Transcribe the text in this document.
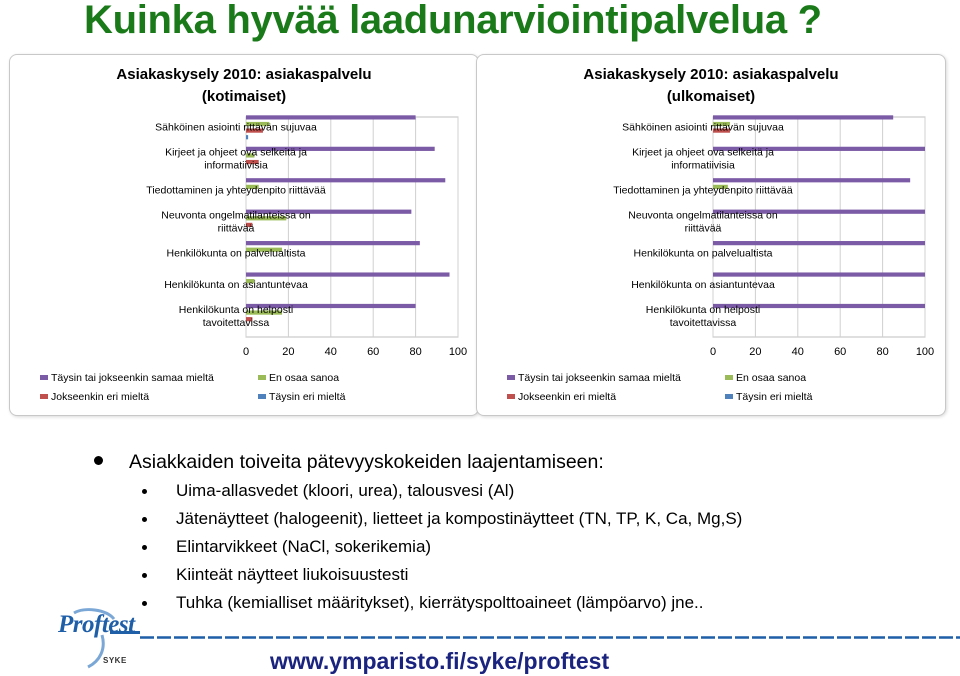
Kuinka hyvää laadunarviointipalvelua ?
Asiakaskysely 2010: asiakaspalvelu
(kotimaiset)
0	20	40	60	80 100
Sähköinen asiointi rittävän sujuvaa
Kirjeet ja ohjeet ova selkeitä ja
informatiivisia
Tiedottaminen ja yhteydenpito riittävää
Neuvonta ongelmatilanteissa on
riittävää
Henkilökunta on palvelualtista
Henkilökunta on asiantuntevaa
Henkilökunta on helposti
tavoitettavissa
Täysin tai jokseenkin samaa mieltä	En osaa sanoa
Jokseenkin eri mieltä	Täysin eri mieltä
Asiakaskysely 2010: asiakaspalvelu
(ulkomaiset)
0	20	40	60	80 100
Sähköinen asiointi rittävän sujuvaa
Kirjeet ja ohjeet ova selkeitä ja
informatiivisia
Tiedottaminen ja yhteydenpito riittävää
Neuvonta ongelmatilanteissa on
riittävää
Henkilökunta on palvelualtista
Henkilökunta on asiantuntevaa
Henkilökunta on helposti
tavoitettavissa
Täysin tai jokseenkin samaa mieltä	En osaa sanoa
Jokseenkin eri mieltä	Täysin eri mieltä
Asiakkaiden toiveita pätevyyskokeiden laajentamiseen:
Uima-allasvedet (kloori, urea), talousvesi (Al)
Jätenäytteet (halogeenit), lietteet ja kompostinäytteet (TN, TP, K, Ca, Mg,S)
Elintarvikkeet (NaCl, sokerikemia)
Kiinteät näytteet liukoisuustesti
Tuhka (kemialliset määritykset), kierrätyspolttoaineet (lämpöarvo) jne..
Proftest
SYKE	www.ymparisto.fi/syke/proftest
